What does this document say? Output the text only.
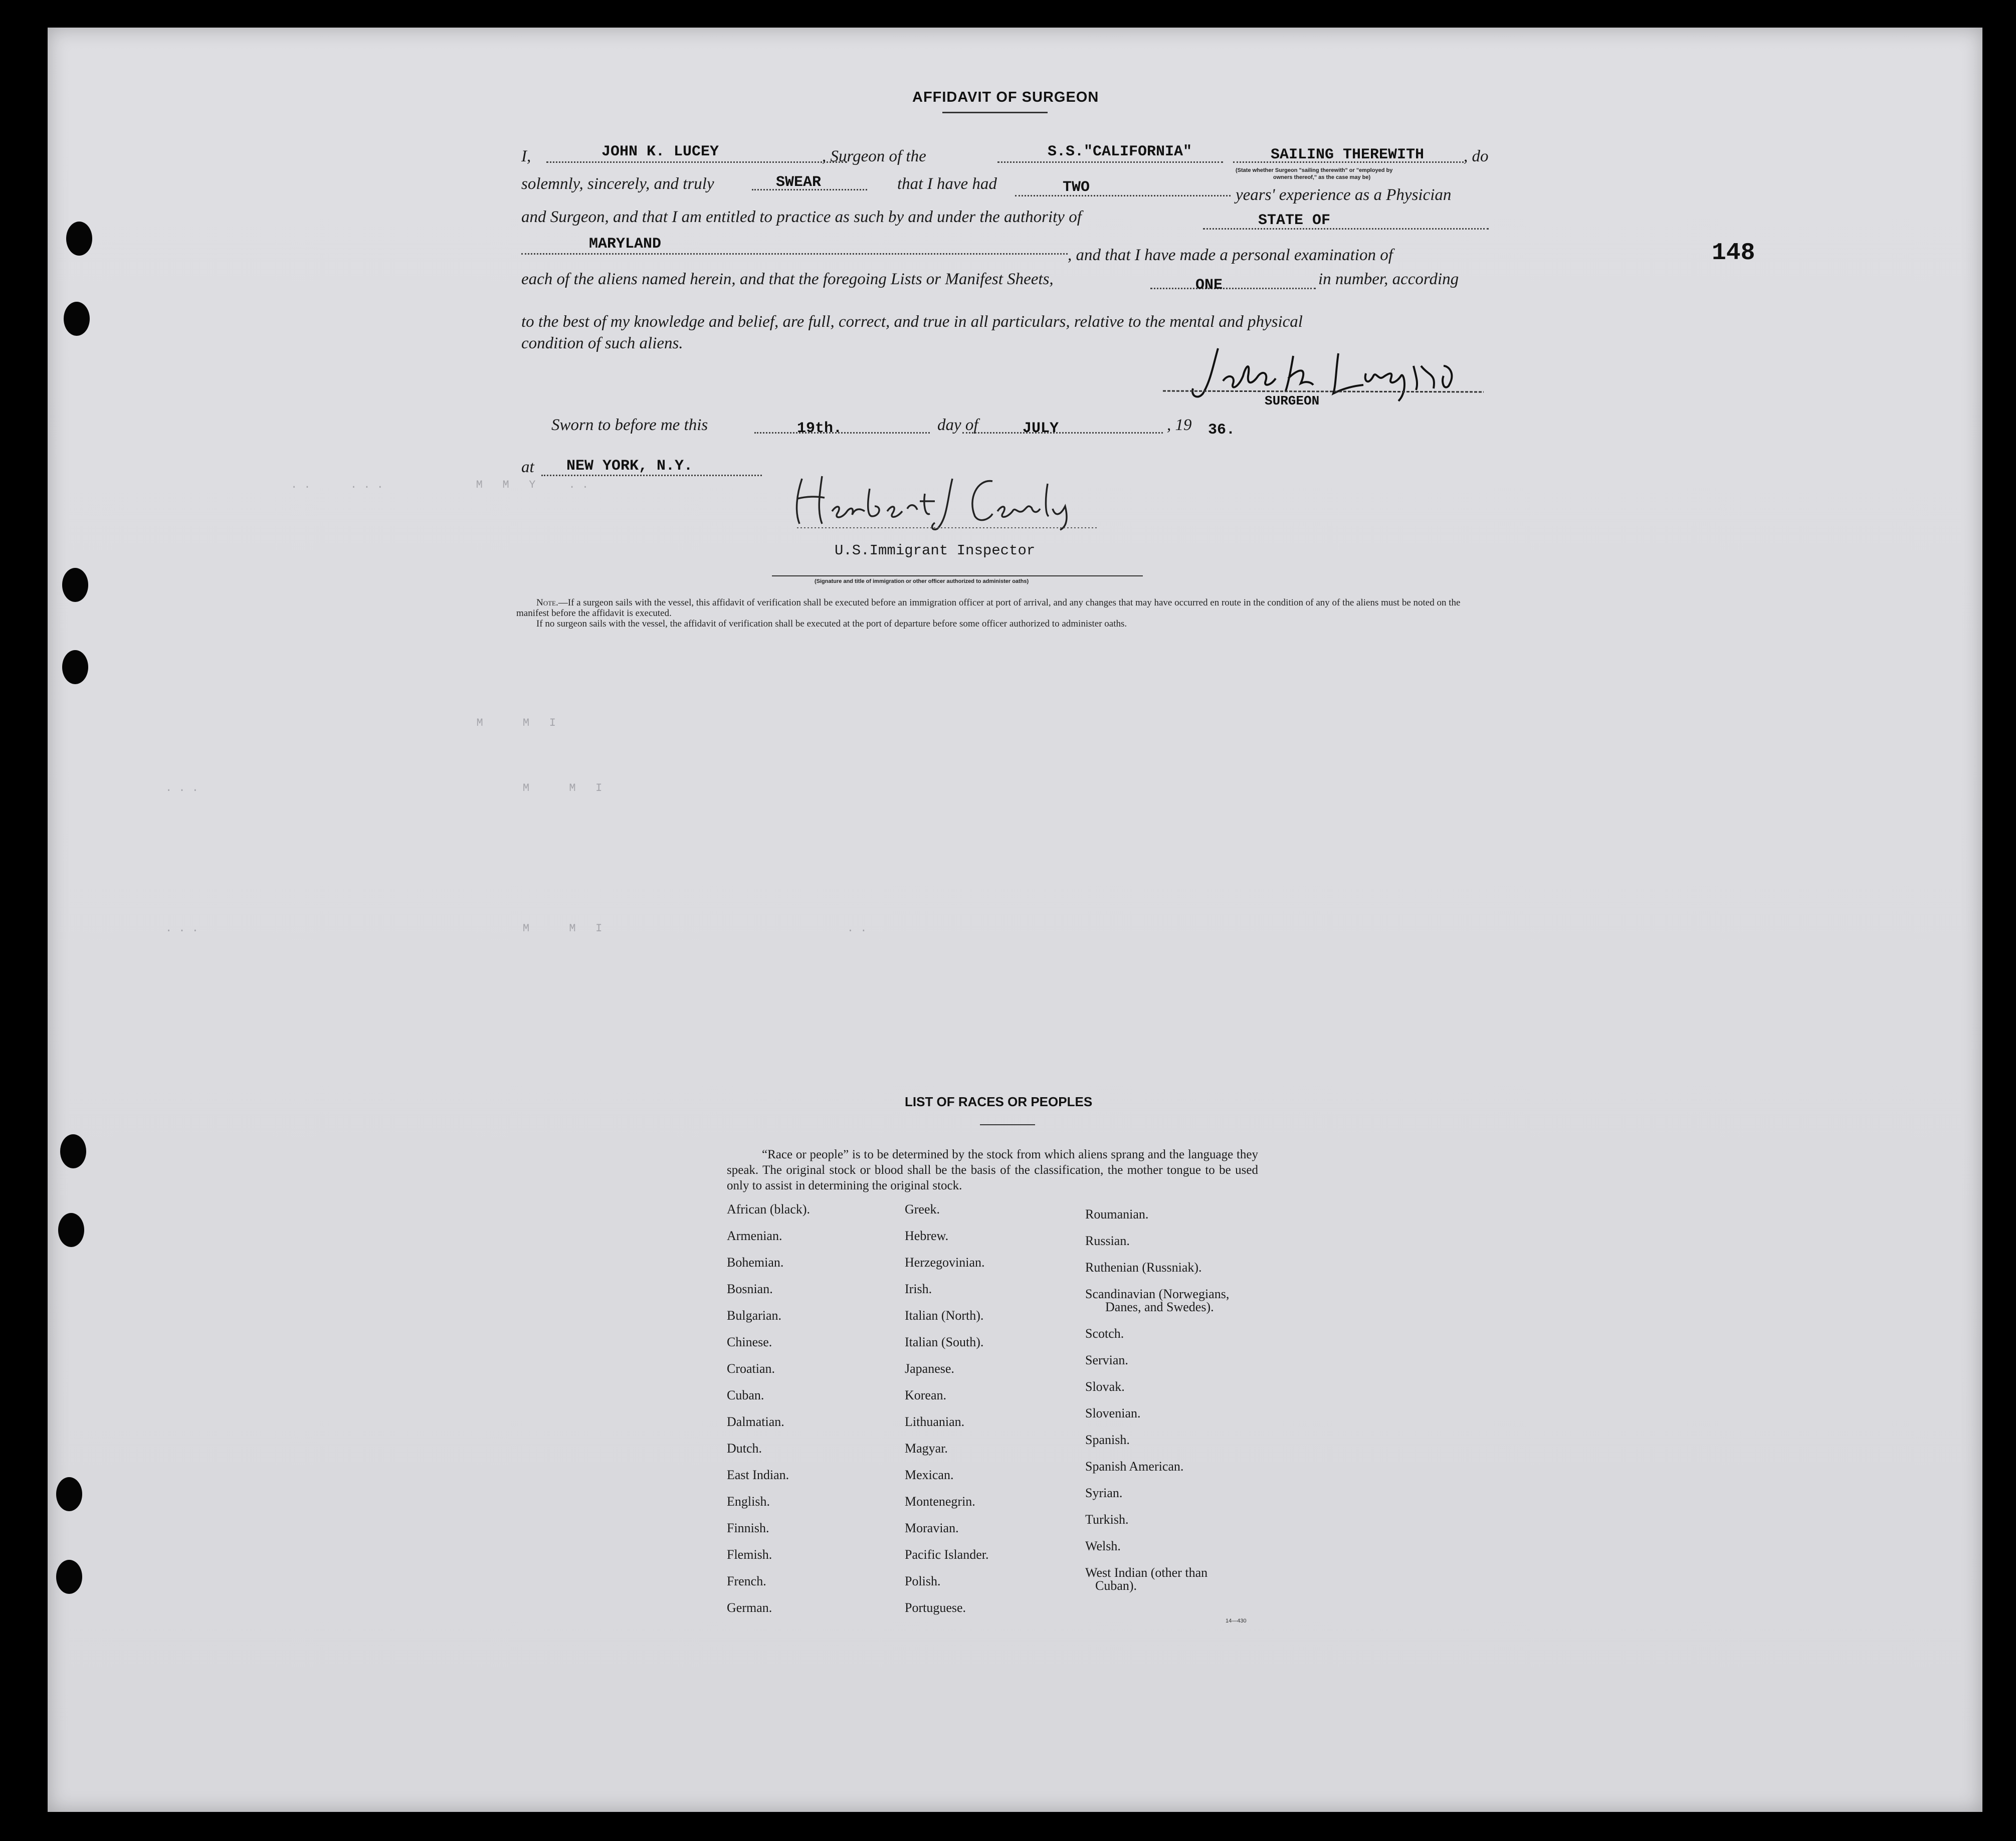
. .      . . .              M   M   Y     . .
M      M   I
. . .                                                 M      M   I
. . .                                                 M      M   I                                     . .
AFFIDAVIT OF SURGEON
148
I,	, Surgeon of the	, do
JOHN K. LUCEY	S.S."CALIFORNIA"	SAILING THEREWITH
(State whether Surgeon "sailing therewith" or "employed by
owners thereof," as the case may be)
solemnly, sincerely, and truly	that I have had
SWEAR	TWO	years' experience as a Physician
and Surgeon, and that I am entitled to practice as such by and under the authority of	STATE OF
, and that I have made a personal examination of
MARYLAND
each of the aliens named herein, and that the foregoing Lists or Manifest Sheets,	in number, according
ONE
to the best of my knowledge and belief, are full, correct, and true in all particulars, relative to the mental and physical
condition of such aliens.
SURGEON
Sworn to before me this	day of	, 19
19th.	JULY	36.
at	NEW YORK, N.Y.
U.S.Immigrant Inspector
(Signature and title of immigration or other officer authorized to administer oaths)
Note.—If a surgeon sails with the vessel, this affidavit of verification shall be executed before an immigration officer at port of arrival, and any changes that may have occurred en route in the condition of any of the aliens must be noted on the manifest before the affidavit is executed.
If no surgeon sails with the vessel, the affidavit of verification shall be executed at the port of departure before some officer authorized to administer oaths.
LIST OF RACES OR PEOPLES
“Race or people” is to be determined by the stock from which aliens sprang and the language they speak. The original stock or blood shall be the basis of the classification, the mother tongue to be used only to assist in determining the original stock.
African (black).
Armenian.
Bohemian.
Bosnian.
Bulgarian.
Chinese.
Croatian.
Cuban.
Dalmatian.
Dutch.
East Indian.
English.
Finnish.
Flemish.
French.
German.
Greek.
Hebrew.
Herzegovinian.
Irish.
Italian (North).
Italian (South).
Japanese.
Korean.
Lithuanian.
Magyar.
Mexican.
Montenegrin.
Moravian.
Pacific Islander.
Polish.
Portuguese.
Roumanian.
Russian.
Ruthenian (Russniak).
Scandinavian (Norwegians,
Danes, and Swedes).
Scotch.
Servian.
Slovak.
Slovenian.
Spanish.
Spanish American.
Syrian.
Turkish.
Welsh.
West Indian (other than
Cuban).
14—430
